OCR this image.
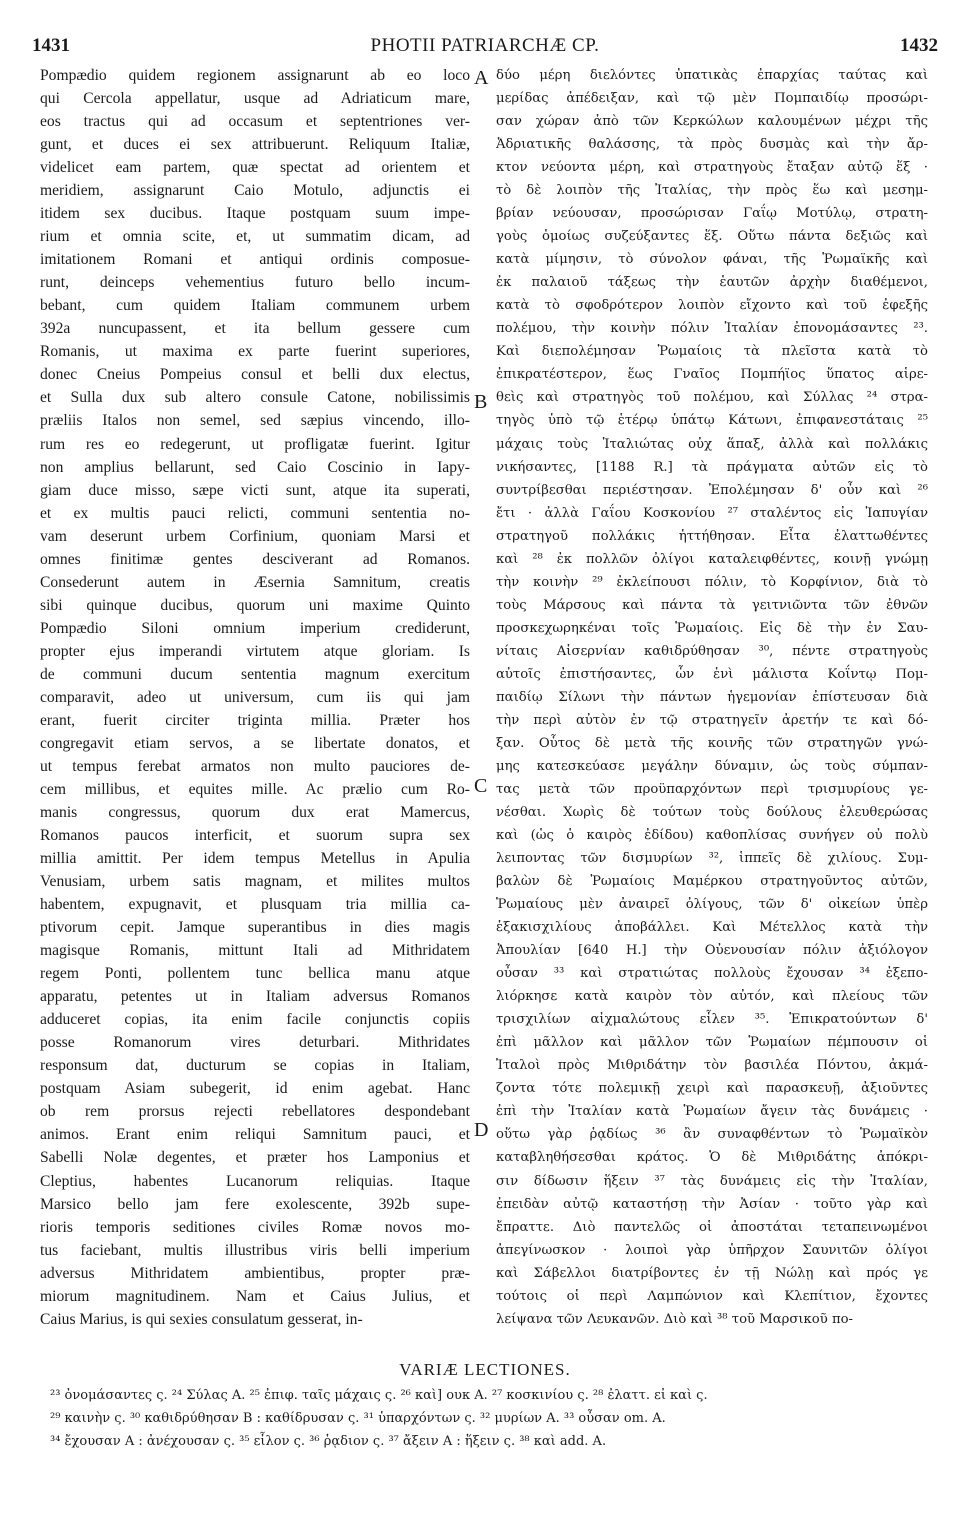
1431	PHOTII PATRIARCHÆ CP.	1432
Pompædio quidem regionem assignarunt ab eo loco
qui Cercola appellatur, usque ad Adriaticum mare,
eos tractus qui ad occasum et septentriones ver-
gunt, et duces ei sex attribuerunt. Reliquum Italiæ,
videlicet eam partem, quæ spectat ad orientem et
meridiem, assignarunt Caio Motulo, adjunctis ei
itidem sex ducibus. Itaque postquam suum impe-
rium et omnia scite, et, ut summatim dicam, ad
imitationem Romani et antiqui ordinis composue-
runt, deinceps vehementius futuro bello incum-
bebant, cum quidem Italiam communem urbem
392a nuncupassent, et ita bellum gessere cum
Romanis, ut maxima ex parte fuerint superiores,
donec Cneius Pompeius consul et belli dux electus,
et Sulla dux sub altero consule Catone, nobilissimis
præliis Italos non semel, sed sæpius vincendo, illo-
rum res eo redegerunt, ut profligatæ fuerint. Igitur
non amplius bellarunt, sed Caio Coscinio in Iapy-
giam duce misso, sæpe victi sunt, atque ita superati,
et ex multis pauci relicti, communi sententia no-
vam deserunt urbem Corfinium, quoniam Marsi et
omnes finitimæ gentes desciverant ad Romanos.
Consederunt autem in Æsernia Samnitum, creatis
sibi quinque ducibus, quorum uni maxime Quinto
Pompædio Siloni omnium imperium crediderunt,
propter ejus imperandi virtutem atque gloriam. Is
de communi ducum sententia magnum exercitum
comparavit, adeo ut universum, cum iis qui jam
erant, fuerit circiter triginta millia. Præter hos
congregavit etiam servos, a se libertate donatos, et
ut tempus ferebat armatos non multo pauciores de-
cem millibus, et equites mille. Ac prælio cum Ro-
manis congressus, quorum dux erat Mamercus,
Romanos paucos interficit, et suorum supra sex
millia amittit. Per idem tempus Metellus in Apulia
Venusiam, urbem satis magnam, et milites multos
habentem, expugnavit, et plusquam tria millia ca-
ptivorum cepit. Jamque superantibus in dies magis
magisque Romanis, mittunt Itali ad Mithridatem
regem Ponti, pollentem tunc bellica manu atque
apparatu, petentes ut in Italiam adversus Romanos
adduceret copias, ita enim facile conjunctis copiis
posse Romanorum vires deturbari. Mithridates
responsum dat, ducturum se copias in Italiam,
postquam Asiam subegerit, id enim agebat. Hanc
ob rem prorsus rejecti rebellatores despondebant
animos. Erant enim reliqui Samnitum pauci, et
Sabelli Nolæ degentes, et præter hos Lamponius et
Cleptius, habentes Lucanorum reliquias. Itaque
Marsico bello jam fere exolescente, 392b supe-
rioris temporis seditiones civiles Romæ novos mo-
tus faciebant, multis illustribus viris belli imperium
adversus Mithridatem ambientibus, propter præ-
miorum magnitudinem. Nam et Caius Julius, et
Caius Marius, is qui sexies consulatum gesserat, in-
δύο μέρη διελόντες ὑπατικὰς ἐπαρχίας ταύτας καὶ
μερίδας ἀπέδειξαν, καὶ τῷ μὲν Πομπαιδίῳ προσώρι-
σαν χώραν ἀπὸ τῶν Κερκώλων καλουμένων μέχρι τῆς
Ἀδριατικῆς θαλάσσης, τὰ πρὸς δυσμὰς καὶ τὴν ἄρ-
κτον νεύοντα μέρη, καὶ στρατηγοὺς ἔταξαν αὐτῷ ἕξ ·
τὸ δὲ λοιπὸν τῆς Ἰταλίας, τὴν πρὸς ἕω καὶ μεσημ-
βρίαν νεύουσαν, προσώρισαν Γαΐῳ Μοτύλῳ, στρατη-
γοὺς ὁμοίως συζεύξαντες ἕξ. Οὕτω πάντα δεξιῶς καὶ
κατὰ μίμησιν, τὸ σύνολον φάναι, τῆς Ῥωμαϊκῆς καὶ
ἐκ παλαιοῦ τάξεως τὴν ἑαυτῶν ἀρχὴν διαθέμενοι,
κατὰ τὸ σφοδρότερον λοιπὸν εἴχοντο καὶ τοῦ ἐφεξῆς
πολέμου, τὴν κοινὴν πόλιν Ἰταλίαν ἐπονομάσαντες ²³.
Καὶ διεπολέμησαν Ῥωμαίοις τὰ πλεῖστα κατὰ τὸ
ἐπικρατέστερον, ἕως Γναῖος Πομπήϊος ὕπατος αἱρε-
θεὶς καὶ στρατηγὸς τοῦ πολέμου, καὶ Σύλλας ²⁴ στρα-
τηγὸς ὑπὸ τῷ ἑτέρῳ ὑπάτῳ Κάτωνι, ἐπιφανεστάταις ²⁵
μάχαις τοὺς Ἰταλιώτας οὐχ ἅπαξ, ἀλλὰ καὶ πολλάκις
νικήσαντες, [1188 R.] τὰ πράγματα αὐτῶν εἰς τὸ
συντρίβεσθαι περιέστησαν. Ἐπολέμησαν δ' οὖν καὶ ²⁶
ἔτι · ἀλλὰ Γαΐου Κοσκονίου ²⁷ σταλέντος εἰς Ἰαπυγίαν
στρατηγοῦ πολλάκις ἡττήθησαν. Εἶτα ἐλαττωθέντες
καὶ ²⁸ ἐκ πολλῶν ὀλίγοι καταλειφθέντες, κοινῇ γνώμῃ
τὴν κοινὴν ²⁹ ἐκλείπουσι πόλιν, τὸ Κορφίνιον, διὰ τὸ
τοὺς Μάρσους καὶ πάντα τὰ γειτνιῶντα τῶν ἐθνῶν
προσκεχωρηκέναι τοῖς Ῥωμαίοις. Εἰς δὲ τὴν ἐν Σαυ-
νίταις Αἰσερνίαν καθιδρύθησαν ³⁰, πέντε στρατηγοὺς
αὐτοῖς ἐπιστήσαντες, ὧν ἑνὶ μάλιστα Κοΐντῳ Πομ-
παιδίῳ Σίλωνι τὴν πάντων ἡγεμονίαν ἐπίστευσαν διὰ
τὴν περὶ αὐτὸν ἐν τῷ στρατηγεῖν ἀρετήν τε καὶ δό-
ξαν. Οὗτος δὲ μετὰ τῆς κοινῆς τῶν στρατηγῶν γνώ-
μης κατεσκεύασε μεγάλην δύναμιν, ὡς τοὺς σύμπαν-
τας μετὰ τῶν προϋπαρχόντων περὶ τρισμυρίους γε-
νέσθαι. Χωρὶς δὲ τούτων τοὺς δούλους ἐλευθερώσας
καὶ (ὡς ὁ καιρὸς ἐδίδου) καθοπλίσας συνήγεν οὐ πολὺ
λειποντας τῶν δισμυρίων ³², ἱππεῖς δὲ χιλίους. Συμ-
βαλὼν δὲ Ῥωμαίοις Μαμέρκου στρατηγοῦντος αὐτῶν,
Ῥωμαίους μὲν ἀναιρεῖ ὀλίγους, τῶν δ' οἰκείων ὑπὲρ
ἑξακισχιλίους ἀποβάλλει. Καὶ Μέτελλος κατὰ τὴν
Ἀπουλίαν [640 Η.] τὴν Οὐενουσίαν πόλιν ἀξιόλογον
οὖσαν ³³ καὶ στρατιώτας πολλοὺς ἔχουσαν ³⁴ ἐξεπο-
λιόρκησε κατὰ καιρὸν τὸν αὐτόν, καὶ πλείους τῶν
τρισχιλίων αἰχμαλώτους εἷλεν ³⁵. Ἐπικρατούντων δ'
ἐπὶ μᾶλλον καὶ μᾶλλον τῶν Ῥωμαίων πέμπουσιν οἱ
Ἰταλοὶ πρὸς Μιθριδάτην τὸν βασιλέα Πόντου, ἀκμά-
ζοντα τότε πολεμικῇ χειρὶ καὶ παρασκευῇ, ἀξιοῦντες
ἐπὶ τὴν Ἰταλίαν κατὰ Ῥωμαίων ἄγειν τὰς δυνάμεις ·
οὕτω γὰρ ῥᾳδίως ³⁶ ἂν συναφθέντων τὸ Ῥωμαϊκὸν
καταβληθήσεσθαι κράτος. Ὁ δὲ Μιθριδάτης ἀπόκρι-
σιν δίδωσιν ἥξειν ³⁷ τὰς δυνάμεις εἰς τὴν Ἰταλίαν,
ἐπειδὰν αὐτῷ καταστήσῃ τὴν Ἀσίαν · τοῦτο γὰρ καὶ
ἔπραττε. Διὸ παντελῶς οἱ ἀποστάται τεταπεινωμένοι
ἀπεγίνωσκον · λοιποὶ γὰρ ὑπῆρχον Σαυνιτῶν ὀλίγοι
καὶ Σάβελλοι διατρίβοντες ἐν τῇ Νώλῃ καὶ πρός γε
τούτοις οἱ περὶ Λαμπώνιον καὶ Κλεπίτιον, ἔχοντες
λείψανα τῶν Λευκανῶν. Διὸ καὶ ³⁸ τοῦ Μαρσικοῦ πο-
A
B
C
D
VARIÆ LECTIONES.
²³ ὀνομάσαντες ς. ²⁴ Σύλας Α. ²⁵ ἐπιφ. ταῖς μάχαις ς. ²⁶ καὶ] ουκ Α. ²⁷ κοσκινίου ς. ²⁸ ἐλαττ. εἰ καὶ ς.
²⁹ καινὴν ς. ³⁰ καθιδρύθησαν Β : καθίδρυσαν ς. ³¹ ὑπαρχόντων ς. ³² μυρίων Α. ³³ οὖσαν om. Α.
³⁴ ἔχουσαν Α : ἀνέχουσαν ς. ³⁵ εἷλον ς. ³⁶ ῥᾳδιον ς. ³⁷ ἄξειν Α : ἥξειν ς. ³⁸ καὶ add. Α.
